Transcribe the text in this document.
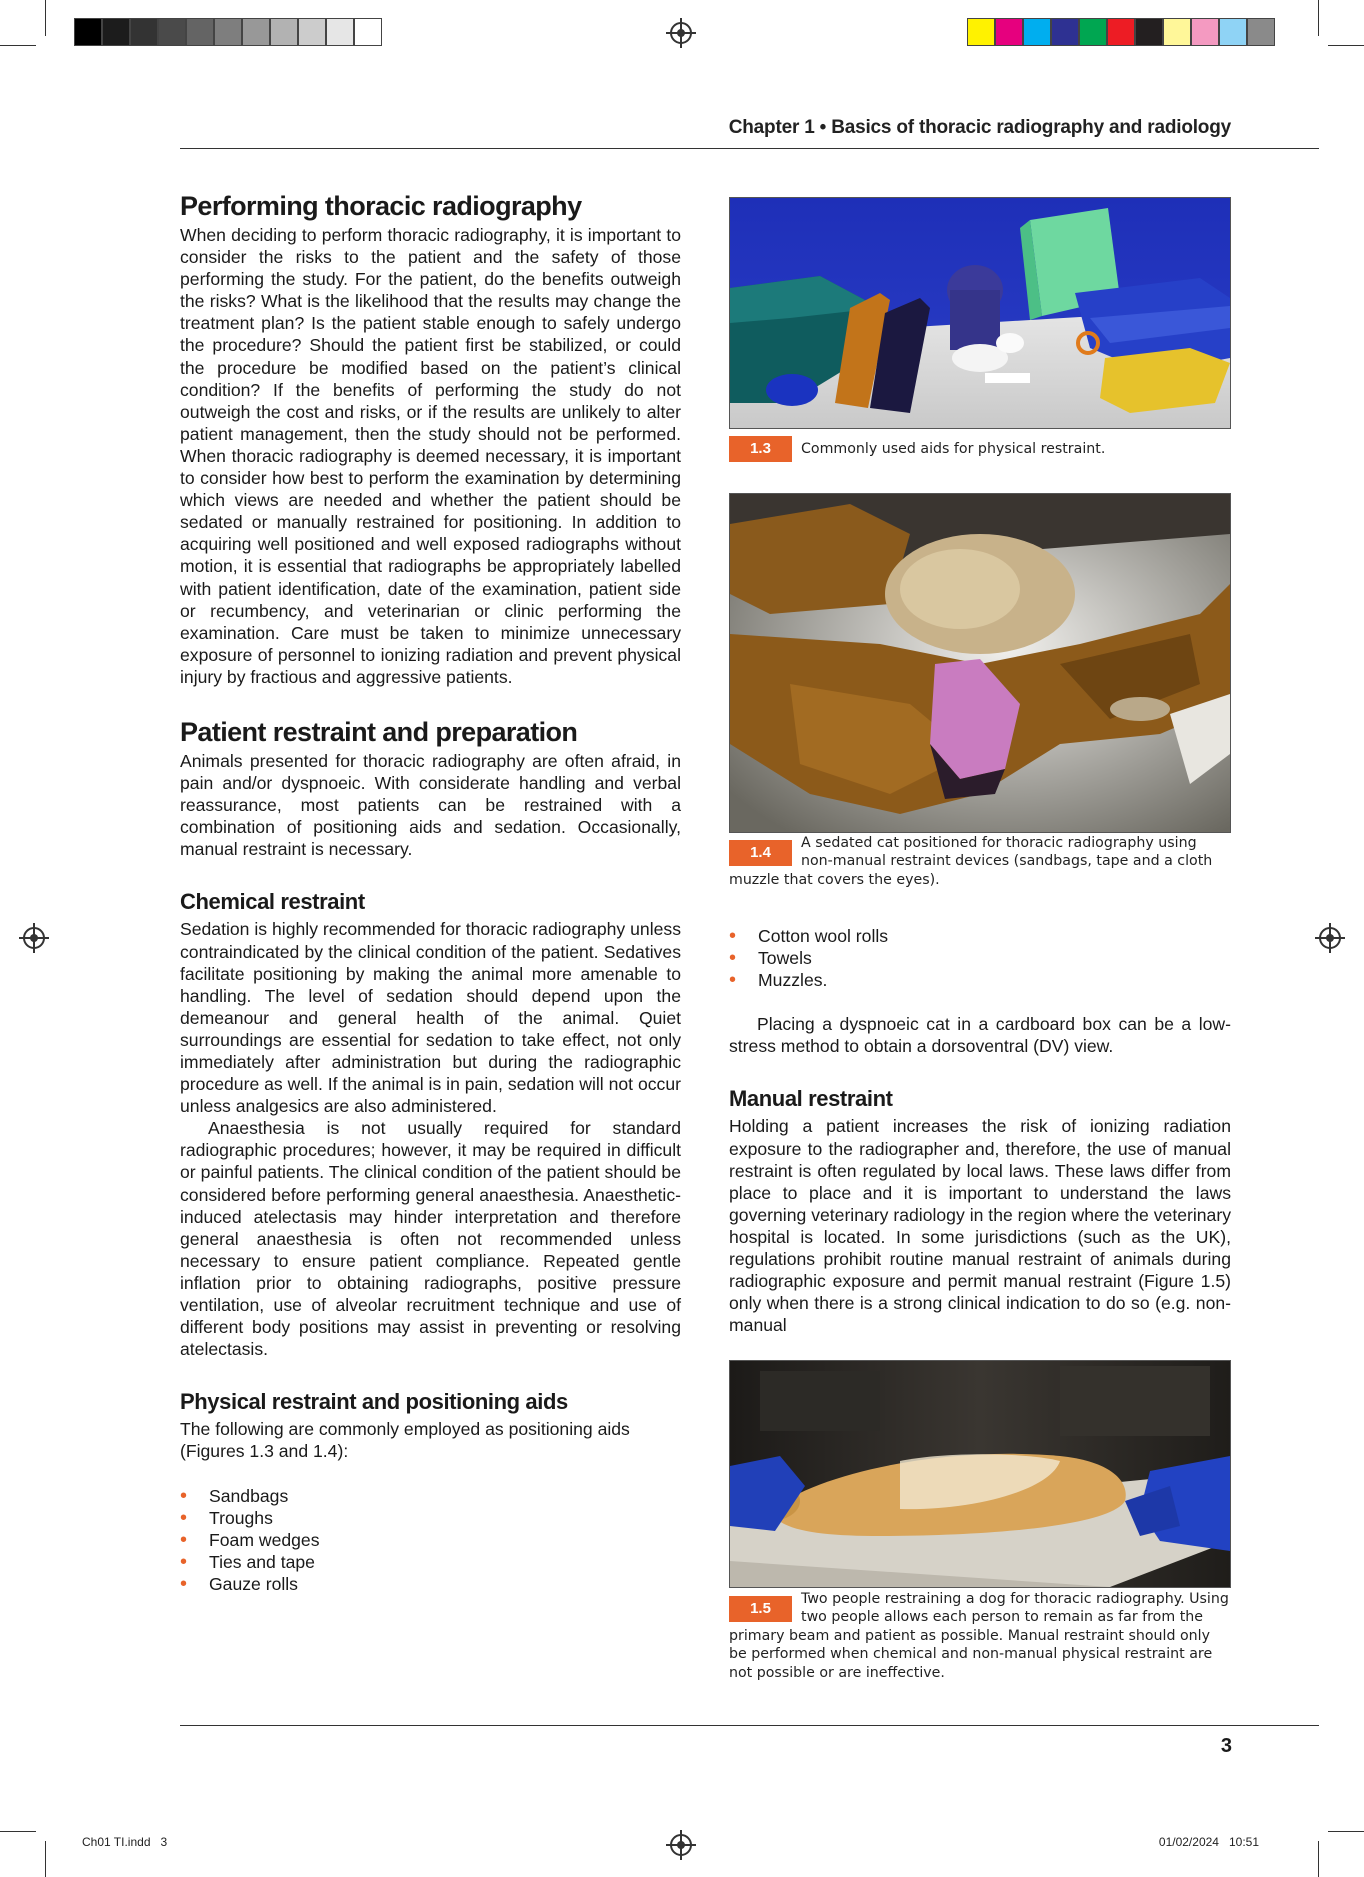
Chapter 1 • Basics of thoracic radiography and radiology
Performing thoracic radiography

When deciding to perform thoracic radiography, it is important to consider the risks to the patient and the safety of those performing the study. For the patient, do the benefits outweigh the risks? What is the likelihood that the results may change the treatment plan? Is the patient stable enough to safely undergo the procedure? Should the patient first be stabilized, or could the procedure be modified based on the patient’s clinical condition? If the benefits of performing the study do not outweigh the cost and risks, or if the results are unlikely to alter patient management, then the study should not be performed. When thoracic radiography is deemed necessary, it is important to consider how best to perform the examination by determining which views are needed and whether the patient should be sedated or manually restrained for positioning. In addition to acquiring well positioned and well exposed radiographs without motion, it is essential that radiographs be appropriately labelled with patient identification, date of the examination, patient side or recumbency, and veterinarian or clinic performing the examination. Care must be taken to minimize unnecessary exposure of personnel to ionizing radiation and prevent physical injury by fractious and aggressive patients.

Patient restraint and preparation

Animals presented for thoracic radiography are often afraid, in pain and/or dyspnoeic. With considerate handling and verbal reassurance, most patients can be restrained with a combination of positioning aids and sedation. Occasionally, manual restraint is necessary.

Chemical restraint

Sedation is highly recommended for thoracic radiography unless contraindicated by the clinical condition of the patient. Sedatives facilitate positioning by making the animal more amenable to handling. The level of sedation should depend upon the demeanour and general health of the animal. Quiet surroundings are essential for sedation to take effect, not only immediately after administration but during the radiographic procedure as well. If the animal is in pain, sedation will not occur unless analgesics are also administered.

Anaesthesia is not usually required for standard radiographic procedures; however, it may be required in difficult or painful patients. The clinical condition of the patient should be considered before performing general anaesthesia. Anaesthetic-induced atelectasis may hinder interpretation and therefore general anaesthesia is often not recommended unless necessary to ensure patient compliance. Repeated gentle inflation prior to obtaining radiographs, positive pressure ventilation, use of alveolar recruitment technique and use of different body positions may assist in preventing or resolving atelectasis.

Physical restraint and positioning aids

The following are commonly employed as positioning aids (Figures 1.3 and 1.4):

• Sandbags
• Troughs
• Foam wedges
• Ties and tape
• Gauze rolls
1.3	Commonly used aids for physical restraint.
1.4
A sedated cat positioned for thoracic radiography using
non-manual restraint devices (sandbags, tape and a cloth muzzle that covers the eyes).
• Cotton wool rolls
• Towels
• Muzzles.

Placing a dyspnoeic cat in a cardboard box can be a low-stress method to obtain a dorsoventral (DV) view.

Manual restraint

Holding a patient increases the risk of ionizing radiation exposure to the radiographer and, therefore, the use of manual restraint is often regulated by local laws. These laws differ from place to place and it is important to understand the laws governing veterinary radiology in the region where the veterinary hospital is located. In some jurisdictions (such as the UK), regulations prohibit routine manual restraint of animals during radiographic exposure and permit manual restraint (Figure 1.5) only when there is a strong clinical indication to do so (e.g. non-manual

1.5
Two people restraining a dog for thoracic radiography. Using
two people allows each person to remain as far from the primary beam and patient as possible. Manual restraint should only be performed when chemical and non-manual physical restraint are not possible or are ineffective.
3
Ch01 TI.indd   3	01/02/2024   10:51
